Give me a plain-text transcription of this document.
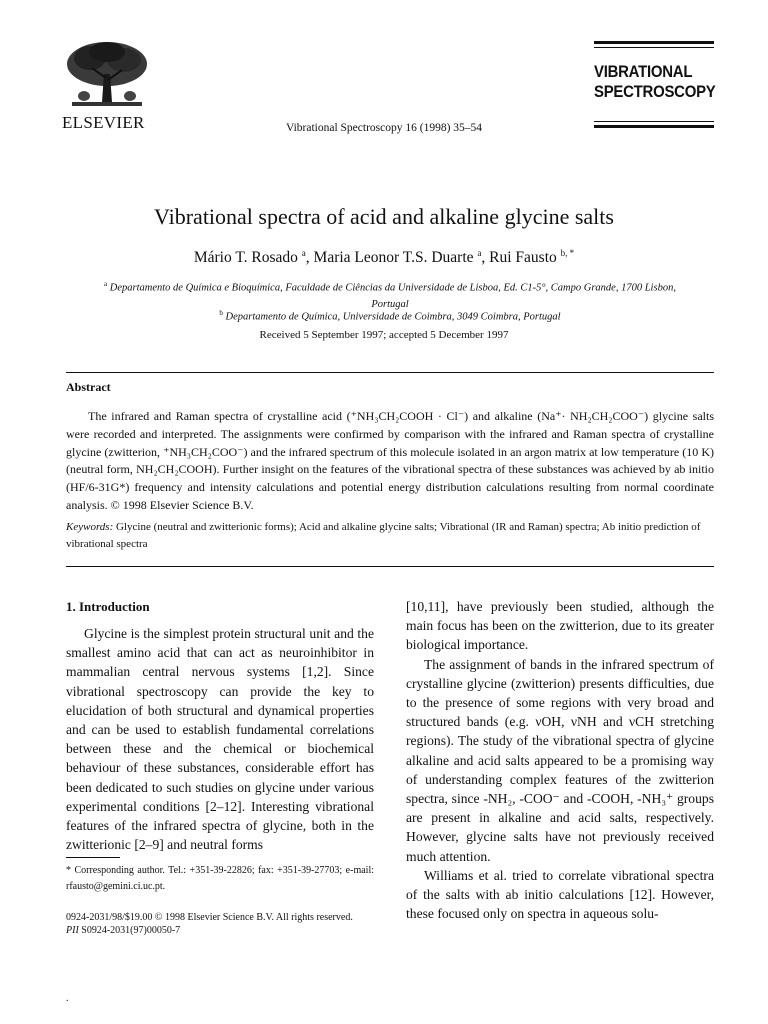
ELSEVIER	Vibrational Spectroscopy 16 (1998) 35–54
VIBRATIONAL
SPECTROSCOPY
Vibrational spectra of acid and alkaline glycine salts
Mário T. Rosado $^a$, Maria Leonor T.S. Duarte $^a$, Rui Fausto $^{b, *}$
$^a$ Departamento de Química e Bioquímica, Faculdade de Ciências da Universidade de Lisboa, Ed. C1-5°, Campo Grande, 1700 Lisbon,
Portugal
$^b$ Departamento de Química, Universidade de Coimbra, 3049 Coimbra, Portugal
Received 5 September 1997; accepted 5 December 1997
Abstract

The infrared and Raman spectra of crystalline acid (⁺NH₃CH₂COOH · Cl⁻) and alkaline (Na⁺· NH₂CH₂COO⁻) glycine salts were recorded and interpreted. The assignments were confirmed by comparison with the infrared and Raman spectra of crystalline glycine (zwitterion, ⁺NH₃CH₂COO⁻) and the infrared spectrum of this molecule isolated in an argon matrix at low temperature (10 K) (neutral form, NH₂CH₂COOH). Further insight on the features of the vibrational spectra of these substances was achieved by ab initio (HF/6-31G*) frequency and intensity calculations and potential energy distribution calculations resulting from normal coordinate analysis. © 1998 Elsevier Science B.V.

Keywords: Glycine (neutral and zwitterionic forms); Acid and alkaline glycine salts; Vibrational (IR and Raman) spectra; Ab initio prediction of vibrational spectra

1. Introduction

Glycine is the simplest protein structural unit and the smallest amino acid that can act as neuroinhibitor in mammalian central nervous systems [1,2]. Since vibrational spectroscopy can provide the key to elucidation of both structural and dynamical properties and can be used to establish fundamental correlations between these and the chemical or biochemical behaviour of these substances, considerable effort has been dedicated to such studies on glycine under various experimental conditions [2–12]. Interesting vibrational features of the infrared spectra of glycine, both in the zwitterionic [2–9] and neutral forms

[10,11], have previously been studied, although the main focus has been on the zwitterion, due to its greater biological importance.

The assignment of bands in the infrared spectrum of crystalline glycine (zwitterion) presents difficulties, due to the presence of some regions with very broad and structured bands (e.g. νOH, νNH and νCH stretching regions). The study of the vibrational spectra of glycine alkaline and acid salts appeared to be a promising way of understanding complex features of the zwitterion spectra, since -NH₂, -COO⁻ and -COOH, -NH₃⁺ groups are present in alkaline and acid salts, respectively. However, glycine salts have not previously received much attention.

Williams et al. tried to correlate vibrational spectra of the salts with ab initio calculations [12]. However, these focused only on spectra in aqueous solu-

* Corresponding author. Tel.: +351-39-22826; fax: +351-39-27703; e-mail: rfausto@gemini.ci.uc.pt.

0924-2031/98/$19.00 © 1998 Elsevier Science B.V. All rights reserved.
PII S0924-2031(97)00050-7
.
